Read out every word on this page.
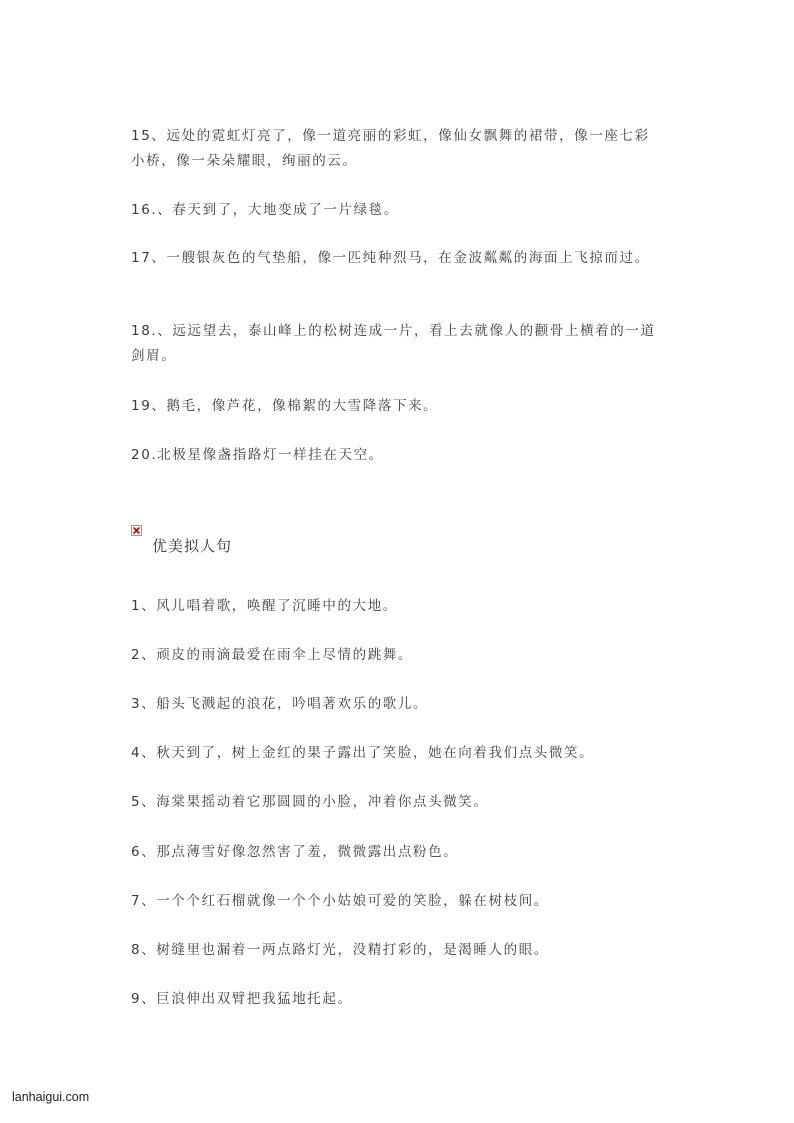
15、远处的霓虹灯亮了，像一道亮丽的彩虹，像仙女飘舞的裙带，像一座七彩小桥，像一朵朵耀眼，绚丽的云。

16.、春天到了，大地变成了一片绿毯。

17、一艘银灰色的气垫船，像一匹纯种烈马，在金波粼粼的海面上飞掠而过。

18.、远远望去，泰山峰上的松树连成一片，看上去就像人的颧骨上横着的一道剑眉。

19、鹅毛，像芦花，像棉絮的大雪降落下来。

20.北极星像盏指路灯一样挂在天空。

优美拟人句

1、风儿唱着歌，唤醒了沉睡中的大地。

2、顽皮的雨滴最爱在雨伞上尽情的跳舞。

3、船头飞溅起的浪花，吟唱著欢乐的歌儿。

4、秋天到了，树上金红的果子露出了笑脸，她在向着我们点头微笑。

5、海棠果摇动着它那圆圆的小脸，冲着你点头微笑。

6、那点薄雪好像忽然害了羞，微微露出点粉色。

7、一个个红石榴就像一个个小姑娘可爱的笑脸，躲在树枝间。

8、树缝里也漏着一两点路灯光，没精打彩的，是渴睡人的眼。

9、巨浪伸出双臂把我猛地托起。

lanhaigui.com
